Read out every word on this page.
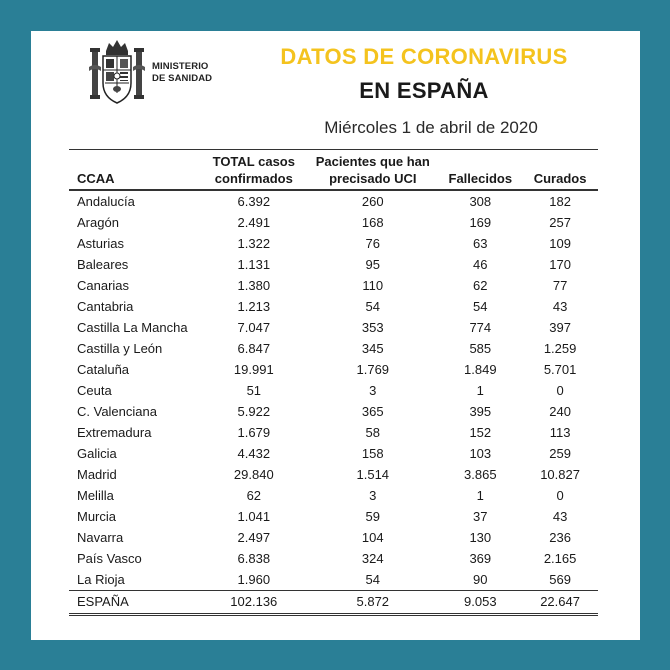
MINISTERIO
DE SANIDAD
DATOS DE CORONAVIRUS
EN ESPAÑA
Miércoles 1 de abril de 2020
CCAA	TOTAL casos confirmados	Pacientes que han precisado UCI	Fallecidos	Curados
Andalucía	6.392	260	308	182
Aragón	2.491	168	169	257
Asturias	1.322	76	63	109
Baleares	1.131	95	46	170
Canarias	1.380	110	62	77
Cantabria	1.213	54	54	43
Castilla La Mancha	7.047	353	774	397
Castilla y León	6.847	345	585	1.259
Cataluña	19.991	1.769	1.849	5.701
Ceuta	51	3	1	0
C. Valenciana	5.922	365	395	240
Extremadura	1.679	58	152	113
Galicia	4.432	158	103	259
Madrid	29.840	1.514	3.865	10.827
Melilla	62	3	1	0
Murcia	1.041	59	37	43
Navarra	2.497	104	130	236
País Vasco	6.838	324	369	2.165
La Rioja	1.960	54	90	569
ESPAÑA	102.136	5.872	9.053	22.647
